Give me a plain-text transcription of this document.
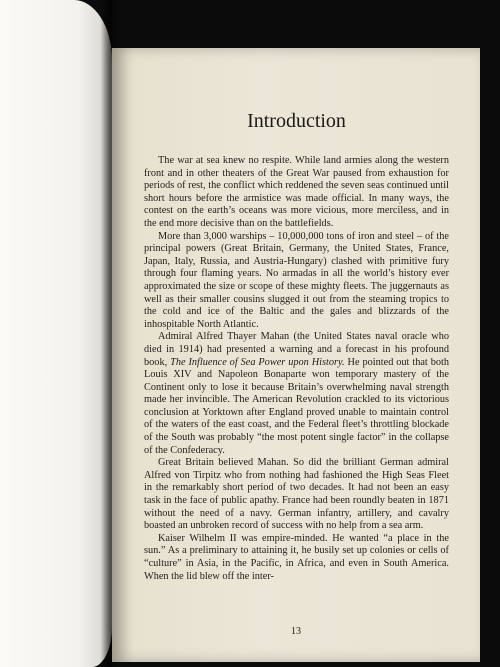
Introduction

The war at sea knew no respite. While land armies along the western front and in other theaters of the Great War paused from exhaustion for periods of rest, the conflict which reddened the seven seas continued until short hours before the armistice was made official. In many ways, the contest on the earth’s oceans was more vicious, more merciless, and in the end more decisive than on the battlefields.

More than 3,000 warships – 10,000,000 tons of iron and steel – of the principal powers (Great Britain, Germany, the United States, France, Japan, Italy, Russia, and Austria-Hungary) clashed with primitive fury through four flaming years. No armadas in all the world’s history ever approximated the size or scope of these mighty fleets. The juggernauts as well as their smaller cousins slugged it out from the steaming tropics to the cold and ice of the Baltic and the gales and blizzards of the inhospitable North Atlantic.

Admiral Alfred Thayer Mahan (the United States naval oracle who died in 1914) had presented a warning and a forecast in his profound book, The Influence of Sea Power upon History. He pointed out that both Louis XIV and Napoleon Bonaparte won temporary mastery of the Continent only to lose it because Britain’s overwhelming naval strength made her invincible. The American Revolution crackled to its victorious conclusion at Yorktown after England proved unable to maintain control of the waters of the east coast, and the Federal fleet’s throttling blockade of the South was probably “the most potent single factor” in the collapse of the Confederacy.

Great Britain believed Mahan. So did the brilliant German admiral Alfred von Tirpitz who from nothing had fashioned the High Seas Fleet in the remarkably short period of two decades. It had not been an easy task in the face of public apathy. France had been roundly beaten in 1871 without the need of a navy. German infantry, artillery, and cavalry boasted an unbroken record of success with no help from a sea arm.

Kaiser Wilhelm II was empire-minded. He wanted “a place in the sun.” As a preliminary to attaining it, he busily set up colonies or cells of “culture” in Asia, in the Pacific, in Africa, and even in South America. When the lid blew off the inter-

13
